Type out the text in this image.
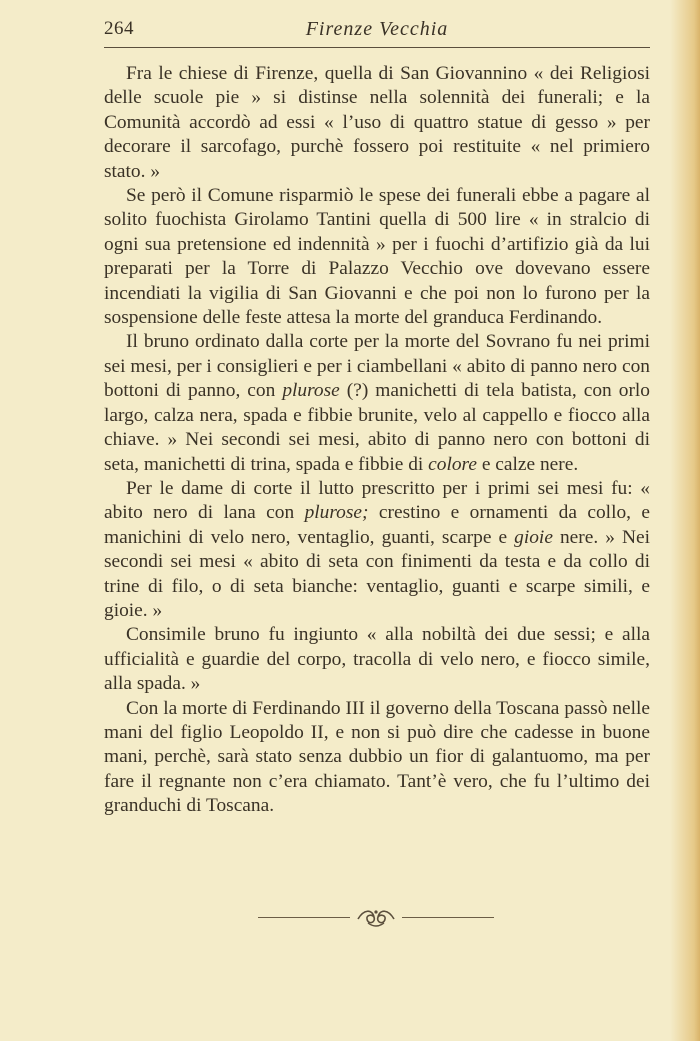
264	Firenze Vecchia

Fra le chiese di Firenze, quella di San Giovannino « dei Religiosi delle scuole pie » si distinse nella solennità dei funerali; e la Comunità accordò ad essi « l’uso di quattro statue di gesso » per decorare il sarcofago, purchè fossero poi restituite « nel primiero stato. »

Se però il Comune risparmiò le spese dei funerali ebbe a pagare al solito fuochista Girolamo Tantini quella di 500 lire « in stralcio di ogni sua pretensione ed indennità » per i fuochi d’artifizio già da lui preparati per la Torre di Palazzo Vecchio ove dovevano essere incendiati la vigilia di San Giovanni e che poi non lo furono per la sospensione delle feste attesa la morte del granduca Ferdinando.

Il bruno ordinato dalla corte per la morte del Sovrano fu nei primi sei mesi, per i consiglieri e per i ciambellani « abito di panno nero con bottoni di panno, con plurose (?) manichetti di tela batista, con orlo largo, calza nera, spada e fibbie brunite, velo al cappello e fiocco alla chiave. » Nei secondi sei mesi, abito di panno nero con bottoni di seta, manichetti di trina, spada e fibbie di colore e calze nere.

Per le dame di corte il lutto prescritto per i primi sei mesi fu: « abito nero di lana con plurose; crestino e ornamenti da collo, e manichini di velo nero, ventaglio, guanti, scarpe e gioie nere. » Nei secondi sei mesi « abito di seta con finimenti da testa e da collo di trine di filo, o di seta bianche: ventaglio, guanti e scarpe simili, e gioie. »

Consimile bruno fu ingiunto « alla nobiltà dei due sessi; e alla ufficialità e guardie del corpo, tracolla di velo nero, e fiocco simile, alla spada. »

Con la morte di Ferdinando III il governo della Toscana passò nelle mani del figlio Leopoldo II, e non si può dire che cadesse in buone mani, perchè, sarà stato senza dubbio un fior di galantuomo, ma per fare il regnante non c’era chiamato. Tant’è vero, che fu l’ultimo dei granduchi di Toscana.
